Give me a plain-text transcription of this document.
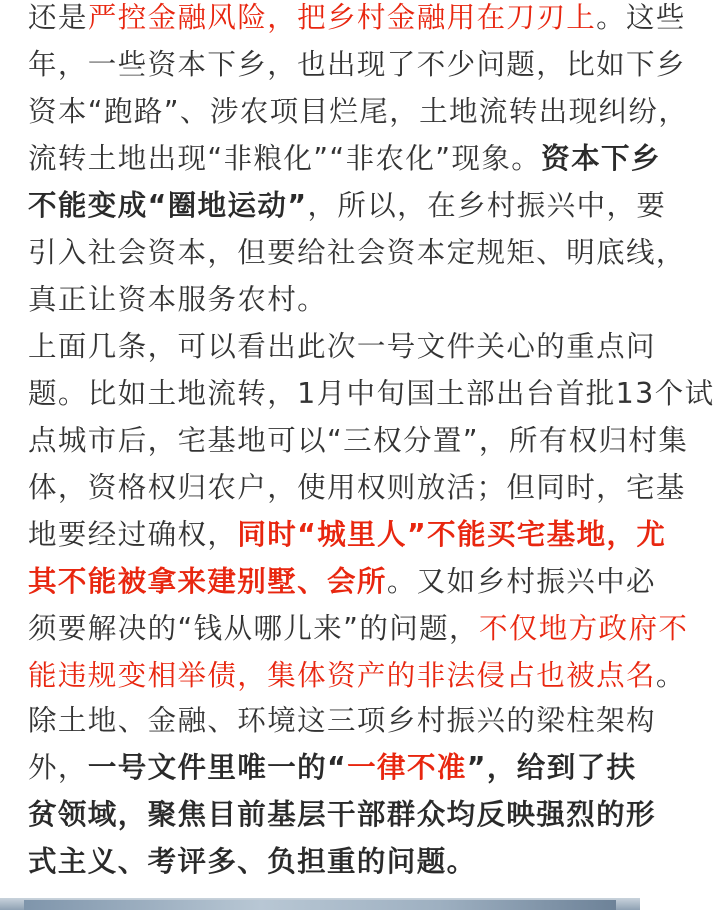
还是严控金融风险，把乡村金融用在刀刃上。这些
年，一些资本下乡，也出现了不少问题，比如下乡
资本“跑路”、涉农项目烂尾，土地流转出现纠纷，
流转土地出现“非粮化”“非农化”现象。资本下乡
不能变成“圈地运动”，所以，在乡村振兴中，要
引入社会资本，但要给社会资本定规矩、明底线，
真正让资本服务农村。

上面几条，可以看出此次一号文件关心的重点问
题。比如土地流转，1月中旬国土部出台首批13个试
点城市后，宅基地可以“三权分置”，所有权归村集
体，资格权归农户，使用权则放活；但同时，宅基
地要经过确权，同时“城里人”不能买宅基地，尤
其不能被拿来建别墅、会所。又如乡村振兴中必
须要解决的“钱从哪儿来”的问题，不仅地方政府不
能违规变相举债，集体资产的非法侵占也被点名。

除土地、金融、环境这三项乡村振兴的梁柱架构
外，一号文件里唯一的“一律不准”，给到了扶
贫领域，聚焦目前基层干部群众均反映强烈的形
式主义、考评多、负担重的问题。
